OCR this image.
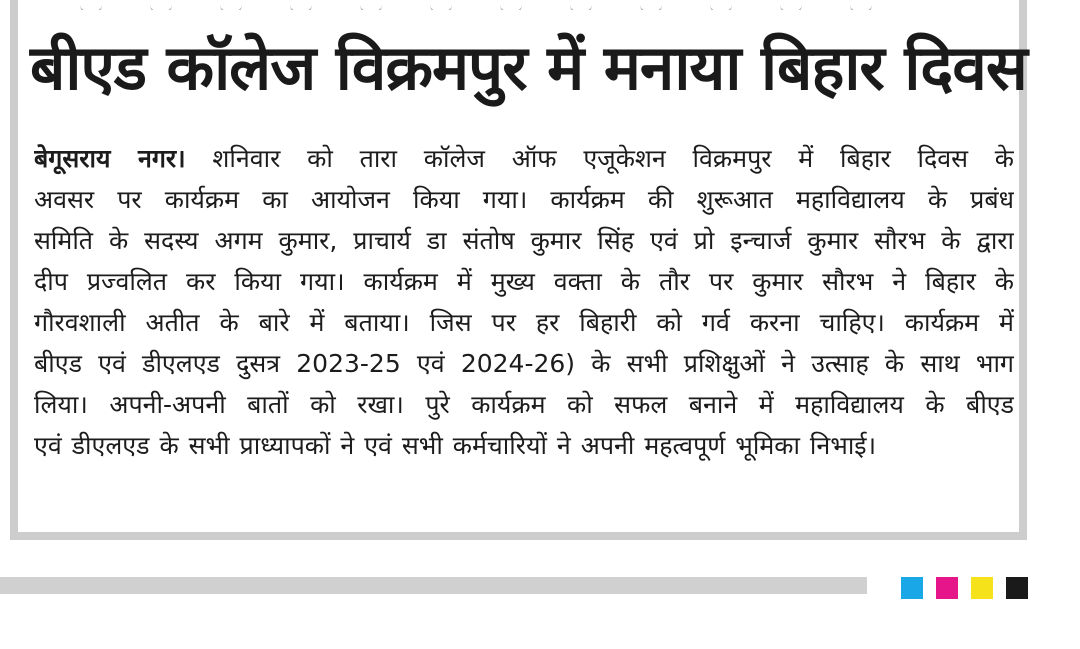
बीएड कॉलेज विक्रमपुर में मनाया बिहार दिवस
बेगूसराय नगर। शनिवार को तारा कॉलेज ऑफ एजूकेशन विक्रमपुर में बिहार दिवस के
अवसर पर कार्यक्रम का आयोजन किया गया। कार्यक्रम की शुरूआत महाविद्यालय के प्रबंध
समिति के सदस्य अगम कुमार, प्राचार्य डा संतोष कुमार सिंह एवं प्रो इन्चार्ज कुमार सौरभ के द्वारा
दीप प्रज्वलित कर किया गया। कार्यक्रम में मुख्य वक्ता के तौर पर कुमार सौरभ ने बिहार के
गौरवशाली अतीत के बारे में बताया। जिस पर हर बिहारी को गर्व करना चाहिए। कार्यक्रम में
बीएड एवं डीएलएड दुसत्र 2023-25 एवं 2024-26) के सभी प्रशिक्षुओं ने उत्साह के साथ भाग
लिया। अपनी-अपनी बातों को रखा। पुरे कार्यक्रम को सफल बनाने में महाविद्यालय के बीएड
एवं डीएलएड के सभी प्राध्यापकों ने एवं सभी कर्मचारियों ने अपनी महत्वपूर्ण भूमिका निभाई।
